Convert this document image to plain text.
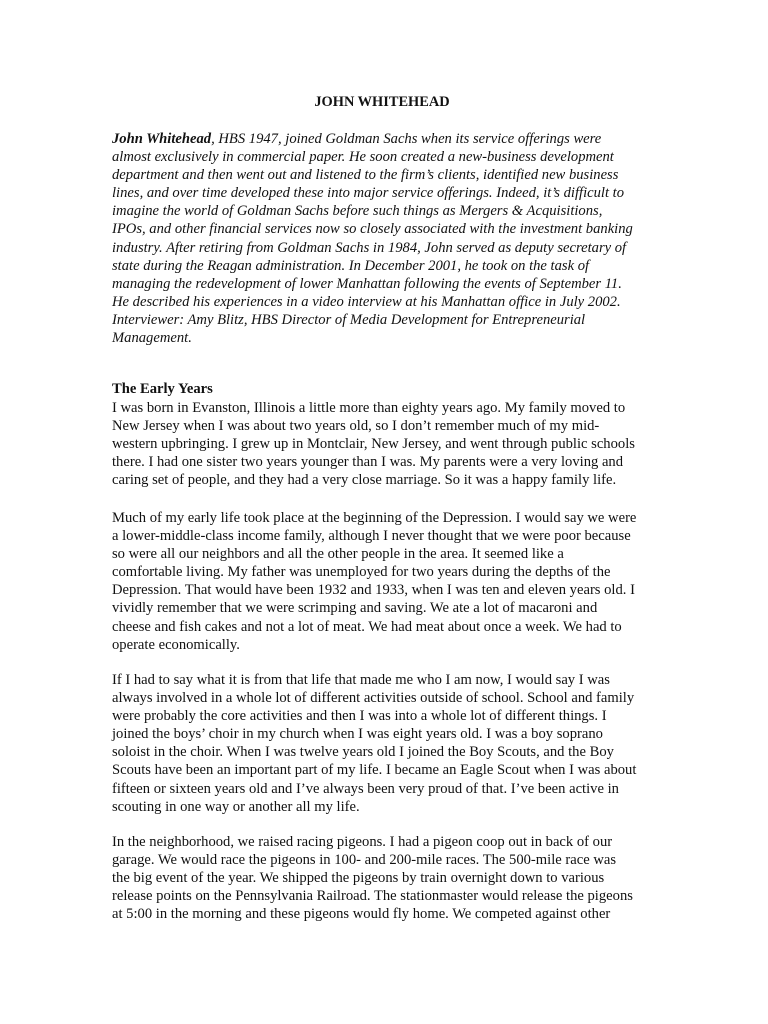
JOHN WHITEHEAD
John Whitehead, HBS 1947, joined Goldman Sachs when its service offerings were
almost exclusively in commercial paper. He soon created a new-business development
department and then went out and listened to the firm’s clients, identified new business
lines, and over time developed these into major service offerings. Indeed, it’s difficult to
imagine the world of Goldman Sachs before such things as Mergers & Acquisitions,
IPOs, and other financial services now so closely associated with the investment banking
industry. After retiring from Goldman Sachs in 1984, John served as deputy secretary of
state during the Reagan administration. In December 2001, he took on the task of
managing the redevelopment of lower Manhattan following the events of September 11.
He described his experiences in a video interview at his Manhattan office in July 2002.
Interviewer: Amy Blitz, HBS Director of Media Development for Entrepreneurial
Management.
The Early Years
I was born in Evanston, Illinois a little more than eighty years ago. My family moved to
New Jersey when I was about two years old, so I don’t remember much of my mid-
western upbringing. I grew up in Montclair, New Jersey, and went through public schools
there. I had one sister two years younger than I was. My parents were a very loving and
caring set of people, and they had a very close marriage. So it was a happy family life.
Much of my early life took place at the beginning of the Depression. I would say we were
a lower-middle-class income family, although I never thought that we were poor because
so were all our neighbors and all the other people in the area. It seemed like a
comfortable living. My father was unemployed for two years during the depths of the
Depression. That would have been 1932 and 1933, when I was ten and eleven years old. I
vividly remember that we were scrimping and saving. We ate a lot of macaroni and
cheese and fish cakes and not a lot of meat. We had meat about once a week. We had to
operate economically.
If I had to say what it is from that life that made me who I am now, I would say I was
always involved in a whole lot of different activities outside of school. School and family
were probably the core activities and then I was into a whole lot of different things. I
joined the boys’ choir in my church when I was eight years old. I was a boy soprano
soloist in the choir. When I was twelve years old I joined the Boy Scouts, and the Boy
Scouts have been an important part of my life. I became an Eagle Scout when I was about
fifteen or sixteen years old and I’ve always been very proud of that. I’ve been active in
scouting in one way or another all my life.
In the neighborhood, we raised racing pigeons. I had a pigeon coop out in back of our
garage. We would race the pigeons in 100- and 200-mile races. The 500-mile race was
the big event of the year. We shipped the pigeons by train overnight down to various
release points on the Pennsylvania Railroad. The stationmaster would release the pigeons
at 5:00 in the morning and these pigeons would fly home. We competed against other
